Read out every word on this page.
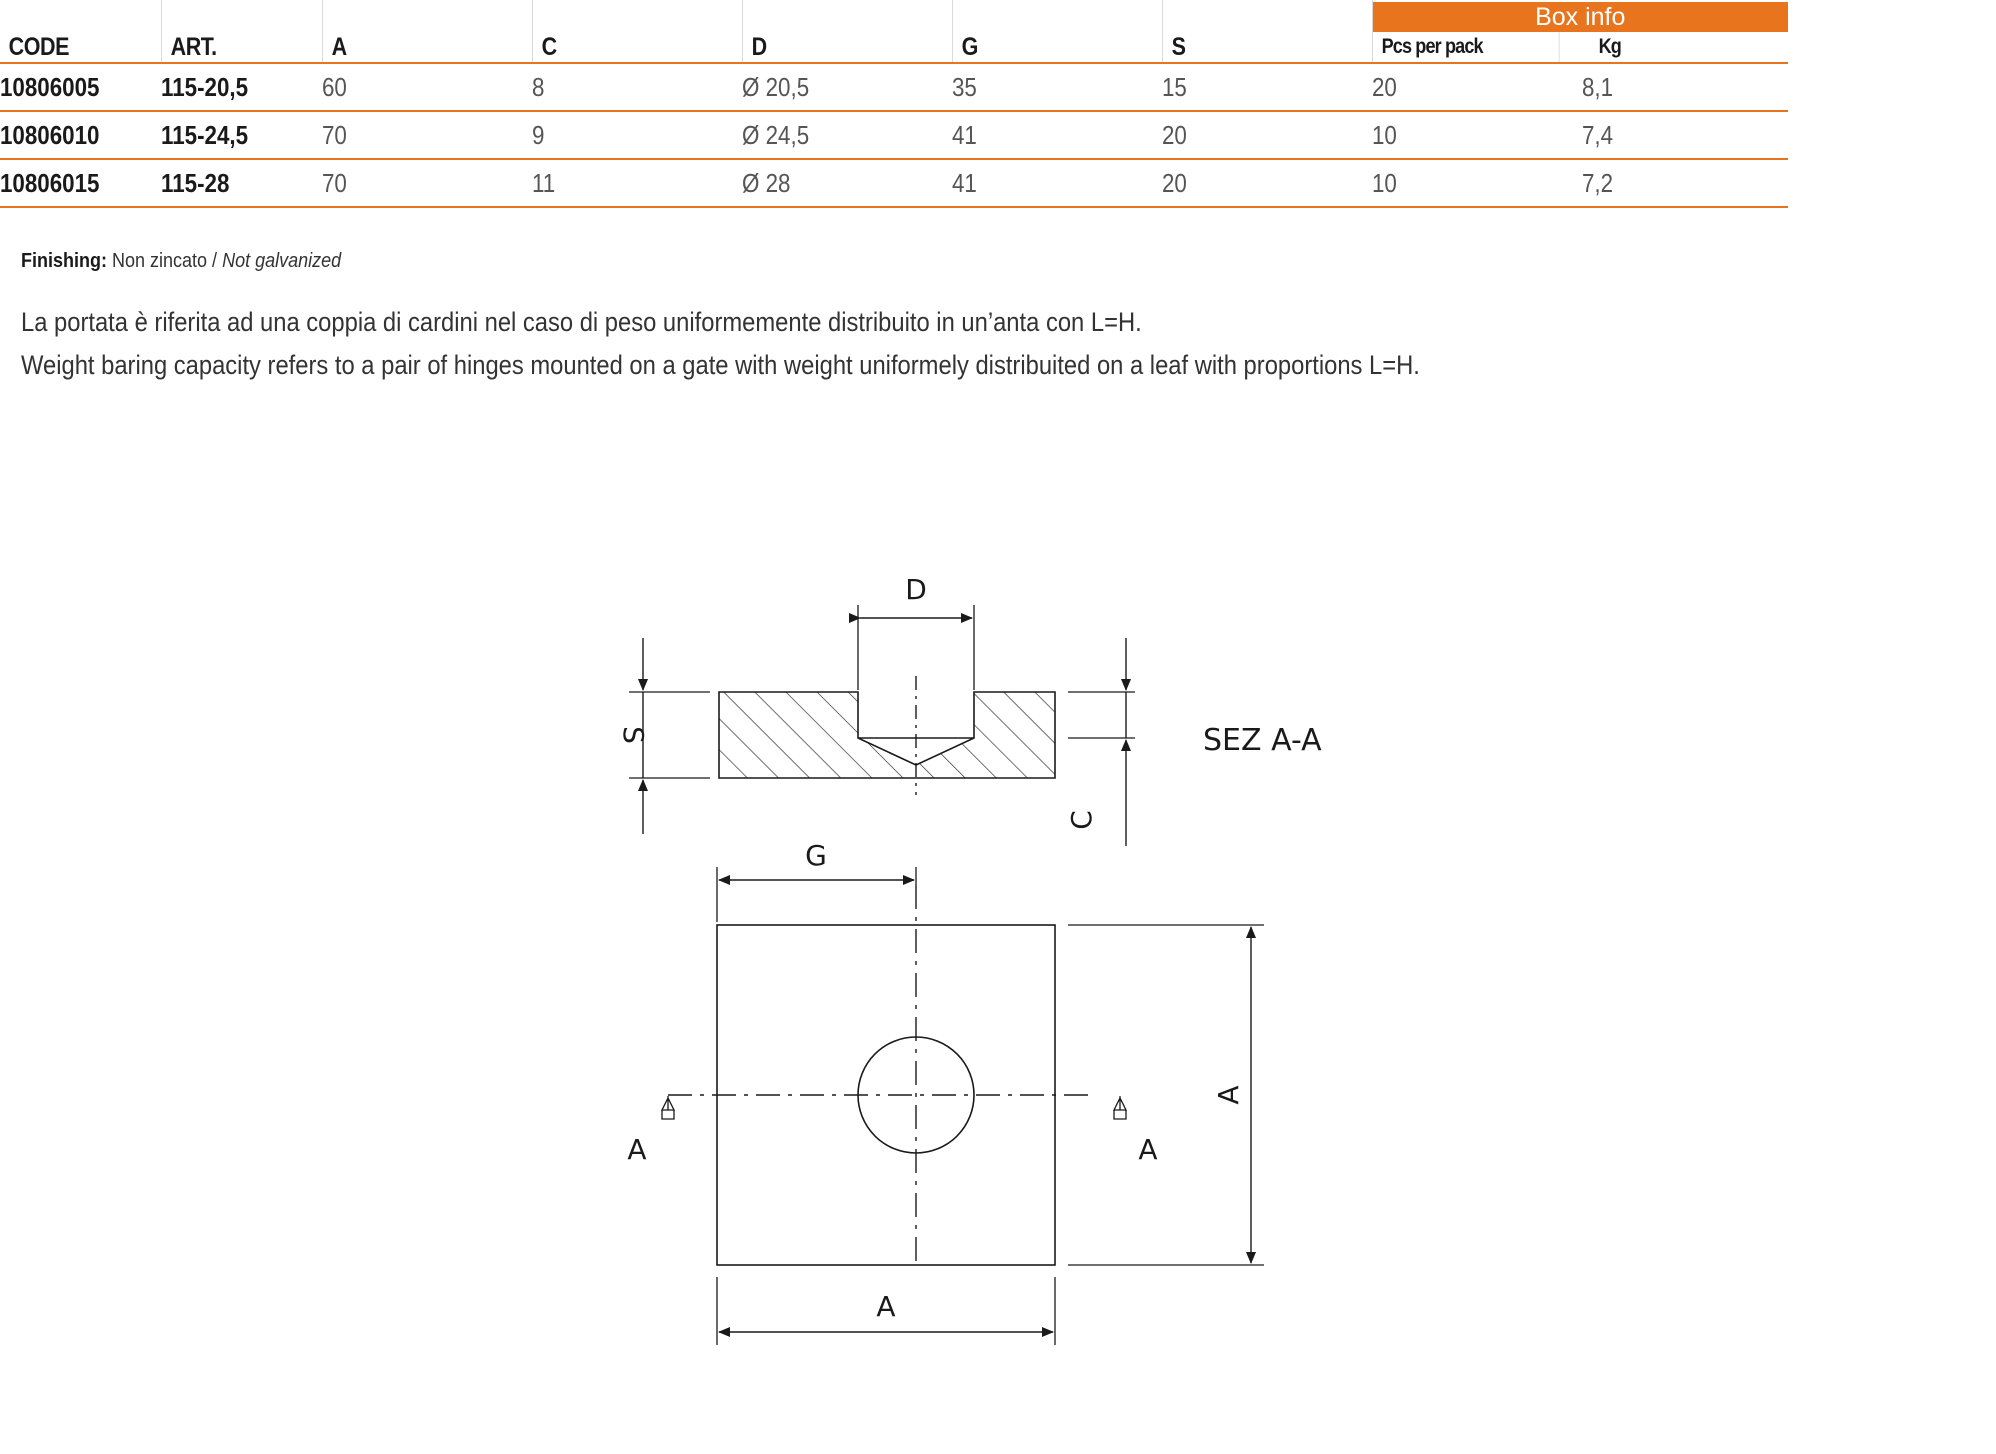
CODE	ART.	A	C	D	G	S	Box info
Pcs per pack Kg	

10806005	115-20,5	60	8	Ø 20,5	35	15	20	8,1
10806010	115-24,5	70	9	Ø 24,5	41	20	10	7,4
10806015	115-28	70	11	Ø 28	41	20	10	7,2
Finishing: Non zincato / Not galvanized
La portata è riferita ad una coppia di cardini nel caso di peso uniformemente distribuito in un’anta con L=H.
Weight baring capacity refers to a pair of hinges mounted on a gate with weight uniformely distribuited on a leaf with proportions L=H.
D
S
C
SEZ A-A
A	A
G
A
A
